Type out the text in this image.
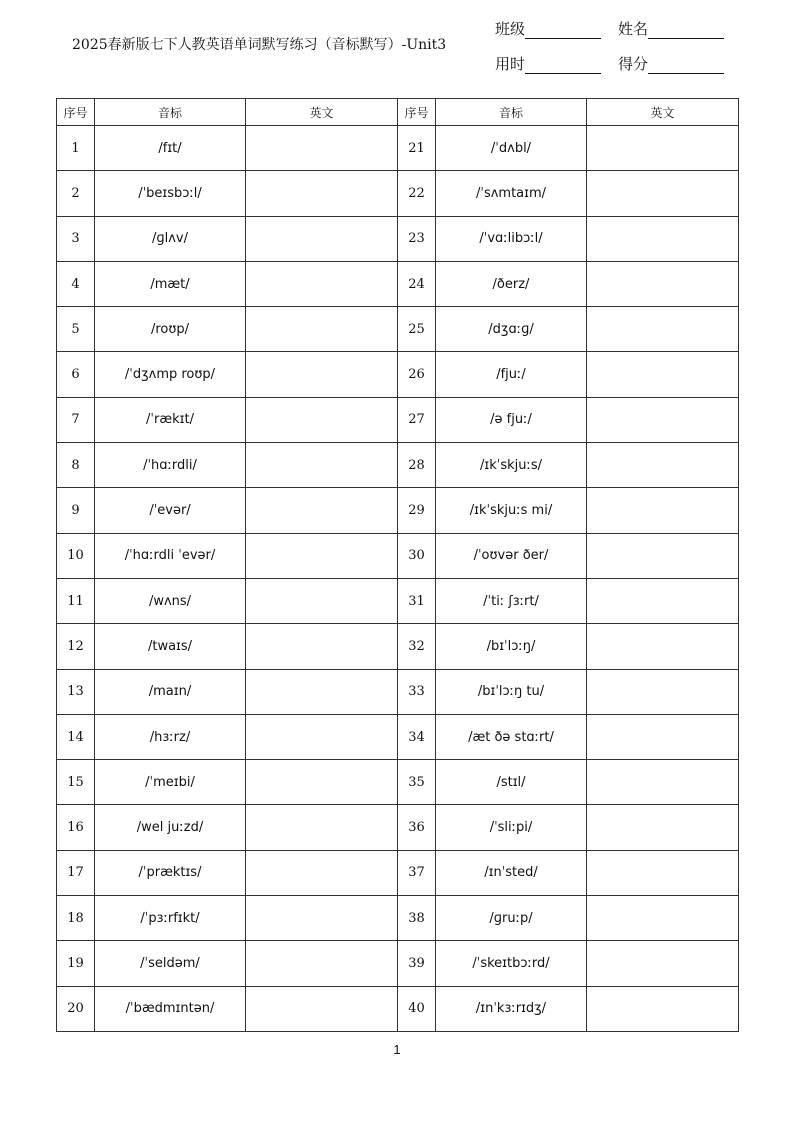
2025春新版七下人教英语单词默写练习（音标默写）-Unit3
班级	姓名
用时	得分
序号	音标	英文	序号	音标	英文
1	/fɪt/		21	/ˈdʌbl/	
2	/ˈbeɪsbɔːl/		22	/ˈsʌmtaɪm/	
3	/ɡlʌv/		23	/ˈvɑːlibɔːl/	
4	/mæt/		24	/ðerz/	
5	/roʊp/		25	/dʒɑːɡ/	
6	/ˈdʒʌmp roʊp/		26	/fjuː/	
7	/ˈrækɪt/		27	/ə fjuː/	
8	/ˈhɑːrdli/		28	/ɪkˈskjuːs/	
9	/ˈevər/		29	/ɪkˈskjuːs mi/	
10	/ˈhɑːrdli ˈevər/		30	/ˈoʊvər ðer/	
11	/wʌns/		31	/ˈtiː ʃɜːrt/	
12	/twaɪs/		32	/bɪˈlɔːŋ/	
13	/maɪn/		33	/bɪˈlɔːŋ tu/	
14	/hɜːrz/		34	/æt ðə stɑːrt/	
15	/ˈmeɪbi/		35	/stɪl/	
16	/wel juːzd/		36	/ˈsliːpi/	
17	/ˈpræktɪs/		37	/ɪnˈsted/	
18	/ˈpɜːrfɪkt/		38	/ɡruːp/	
19	/ˈseldəm/		39	/ˈskeɪtbɔːrd/	
20	/ˈbædmɪntən/		40	/ɪnˈkɜːrɪdʒ/	
1
